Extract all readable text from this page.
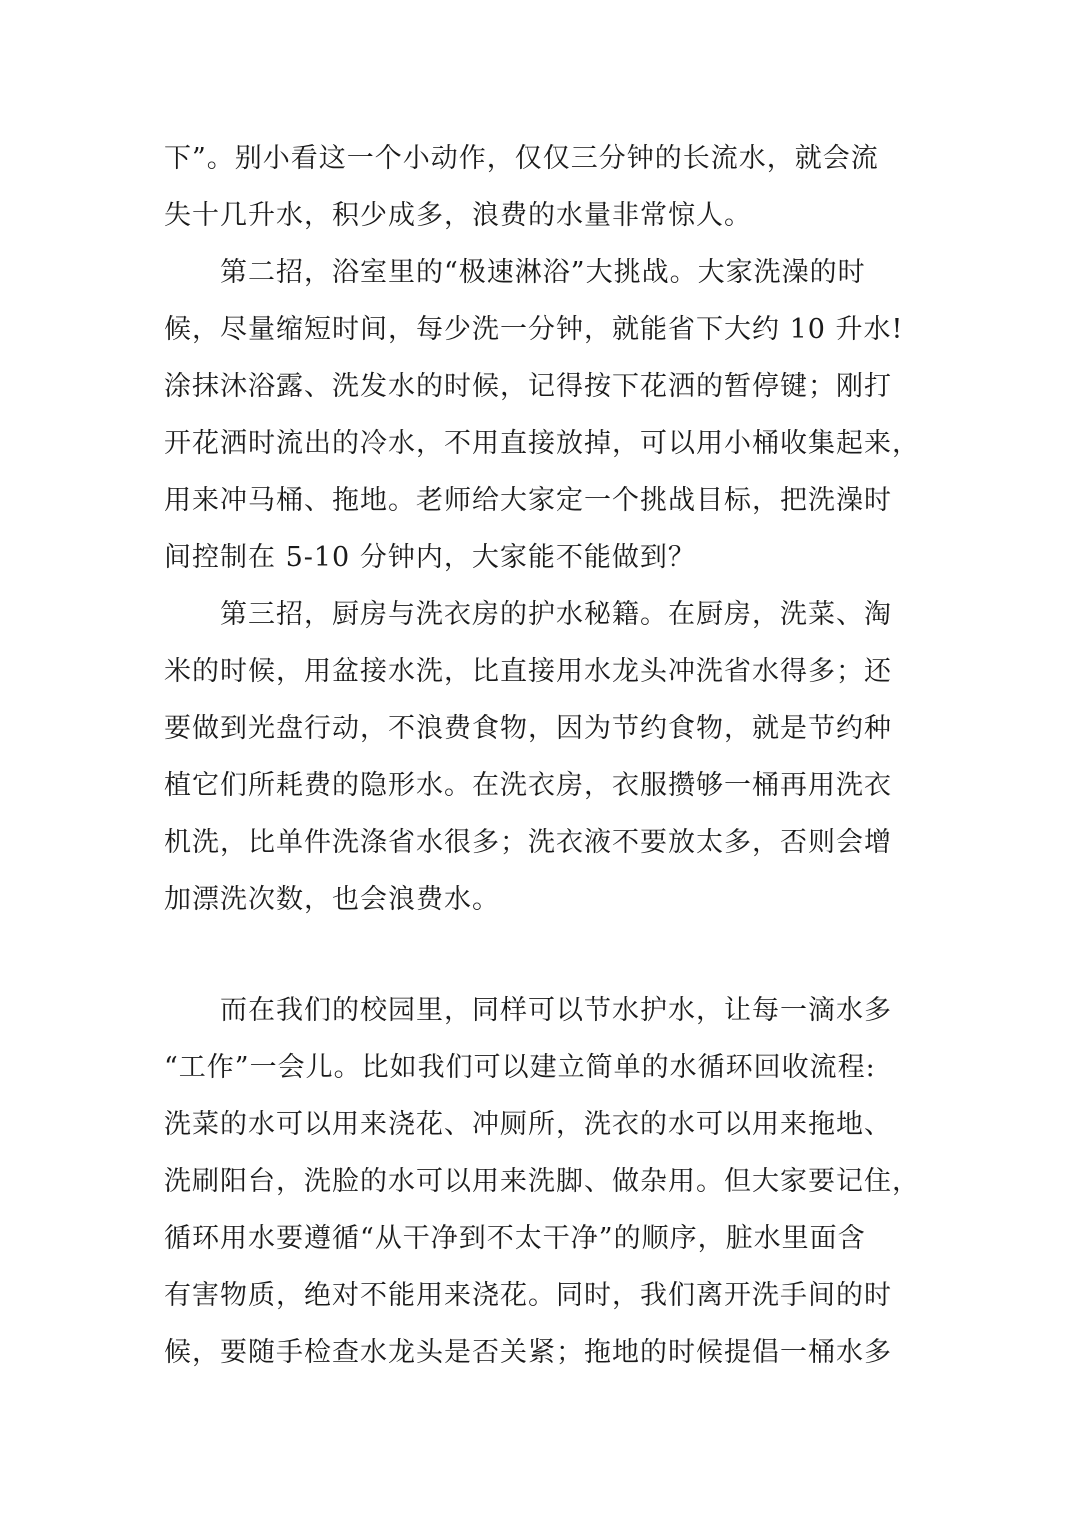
下”。别小看这一个小动作，仅仅三分钟的长流水，就会流
失十几升水，积少成多，浪费的水量非常惊人。
第二招，浴室里的“极速淋浴”大挑战。大家洗澡的时
候，尽量缩短时间，每少洗一分钟，就能省下大约 10 升水!
涂抹沐浴露、洗发水的时候，记得按下花洒的暂停键；刚打
开花洒时流出的冷水，不用直接放掉，可以用小桶收集起来，
用来冲马桶、拖地。老师给大家定一个挑战目标，把洗澡时
间控制在 5-10 分钟内，大家能不能做到？
第三招，厨房与洗衣房的护水秘籍。在厨房，洗菜、淘
米的时候，用盆接水洗，比直接用水龙头冲洗省水得多；还
要做到光盘行动，不浪费食物，因为节约食物，就是节约种
植它们所耗费的隐形水。在洗衣房，衣服攒够一桶再用洗衣
机洗，比单件洗涤省水很多；洗衣液不要放太多，否则会增
加漂洗次数，也会浪费水。
而在我们的校园里，同样可以节水护水，让每一滴水多
“工作”一会儿。比如我们可以建立简单的水循环回收流程:
洗菜的水可以用来浇花、冲厕所，洗衣的水可以用来拖地、
洗刷阳台，洗脸的水可以用来洗脚、做杂用。但大家要记住，
循环用水要遵循“从干净到不太干净”的顺序，脏水里面含
有害物质，绝对不能用来浇花。同时，我们离开洗手间的时
候，要随手检查水龙头是否关紧；拖地的时候提倡一桶水多
